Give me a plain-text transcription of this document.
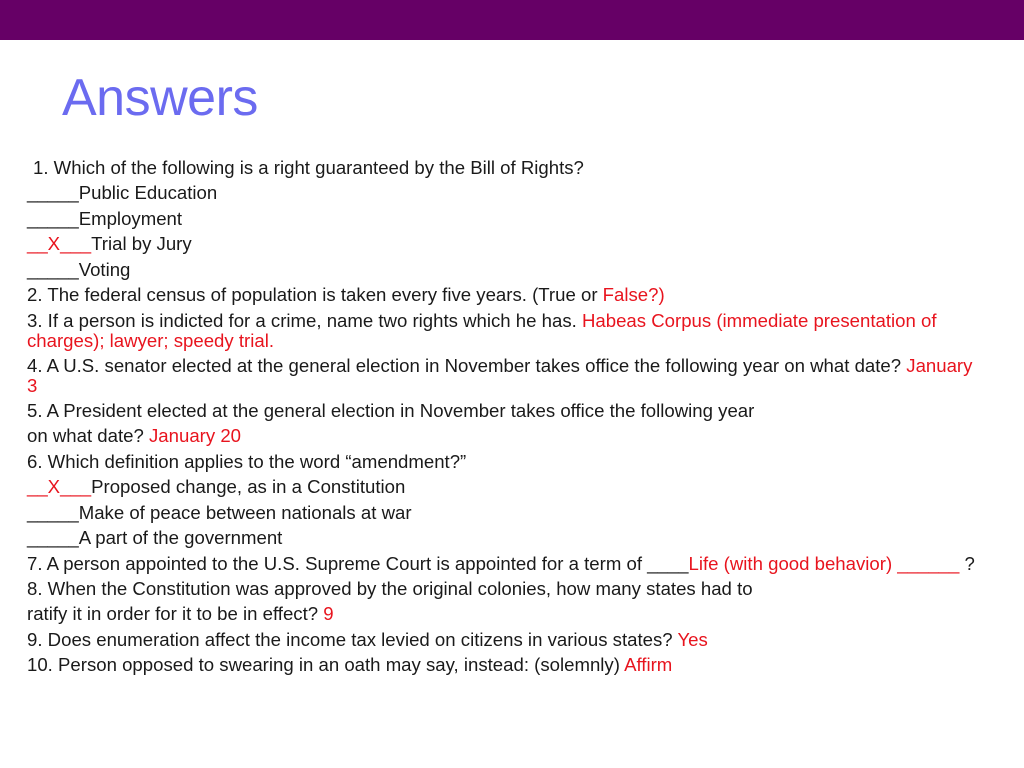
Answers
1. Which of the following is a right guaranteed by the Bill of Rights?
_____Public Education
_____Employment
__X___Trial by Jury
_____Voting
2. The federal census of population is taken every five years. (True or False?)
3. If a person is indicted for a crime, name two rights which he has. Habeas Corpus (immediate presentation of charges); lawyer; speedy trial.
4. A U.S. senator elected at the general election in November takes office the following year on what date? January 3
5. A President elected at the general election in November takes office the following year
on what date? January 20
6. Which definition applies to the word “amendment?”
__X___Proposed change, as in a Constitution
_____Make of peace between nationals at war
_____A part of the government
7. A person appointed to the U.S. Supreme Court is appointed for a term of ____Life (with good behavior) ______ ?
8. When the Constitution was approved by the original colonies, how many states had to
ratify it in order for it to be in effect? 9
9. Does enumeration affect the income tax levied on citizens in various states? Yes
10. Person opposed to swearing in an oath may say, instead: (solemnly) Affirm
